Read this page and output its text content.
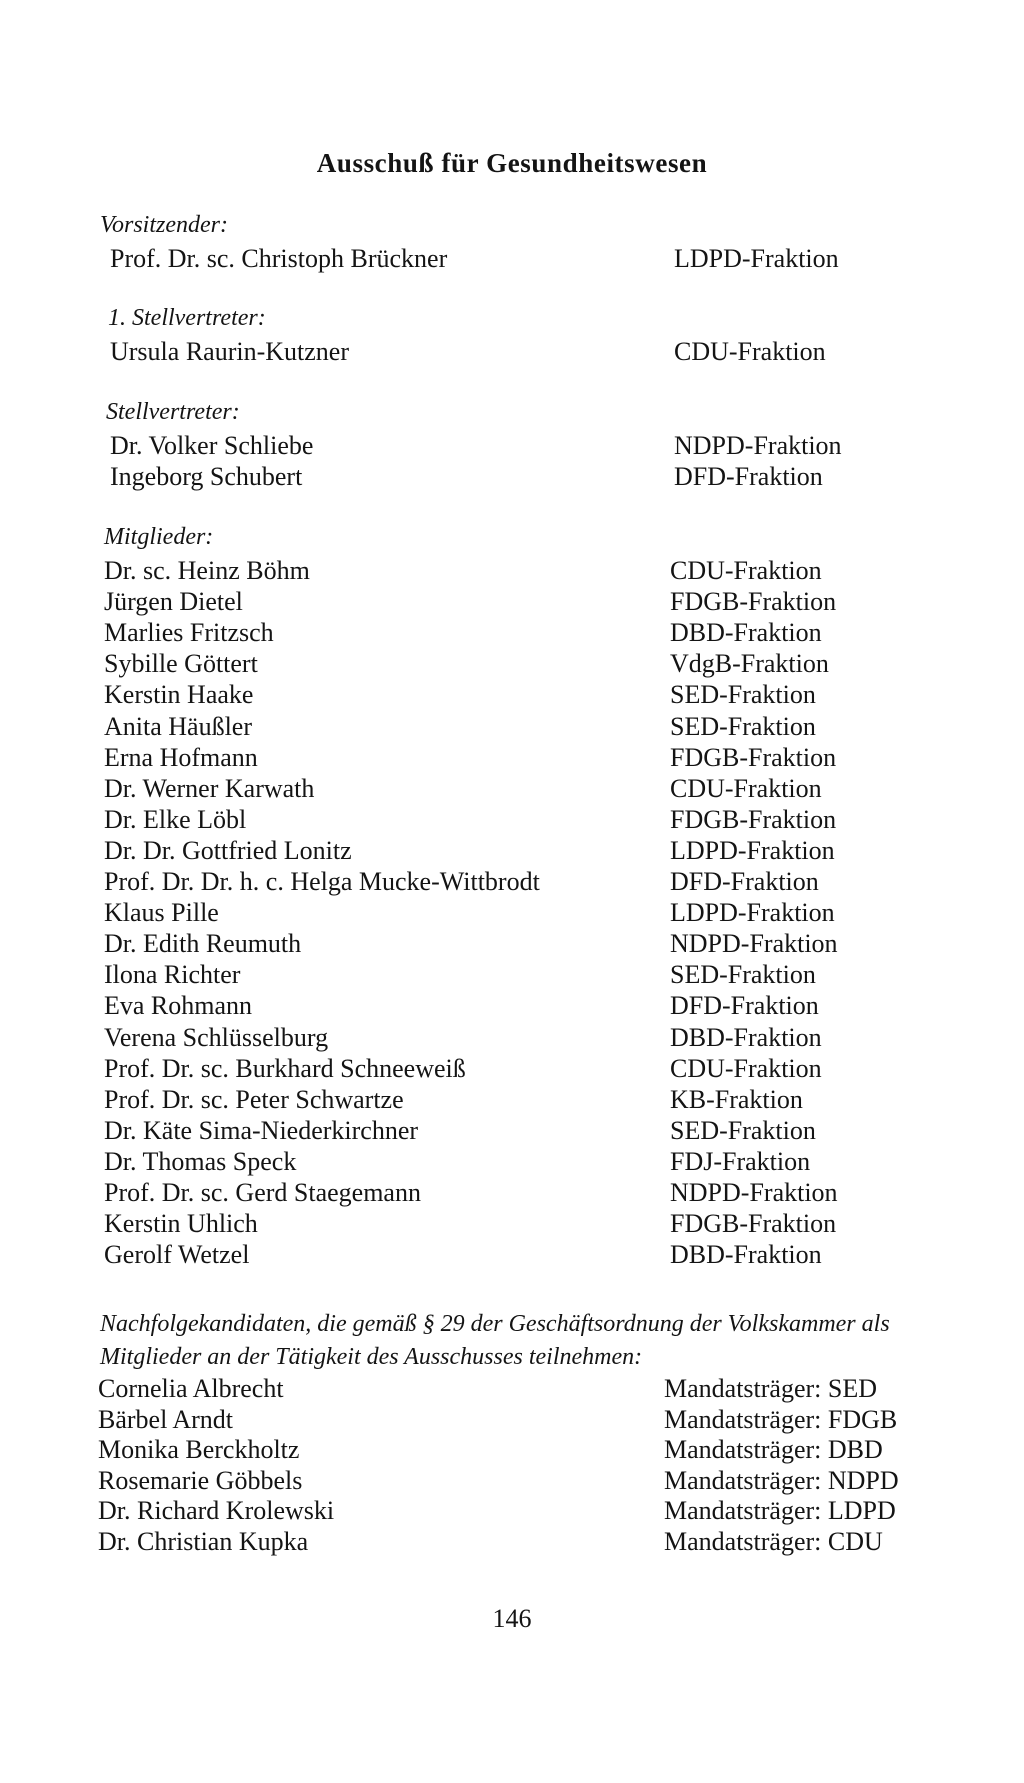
Ausschuß für Gesundheitswesen
Vorsitzender:
Prof. Dr. sc. Christoph Brückner	LDPD-Fraktion
1. Stellvertreter:
Ursula Raurin-Kutzner	CDU-Fraktion
Stellvertreter:
Dr. Volker Schliebe	NDPD-Fraktion
Ingeborg Schubert	DFD-Fraktion
Mitglieder:
Dr. sc. Heinz Böhm	CDU-Fraktion
Jürgen Dietel	FDGB-Fraktion
Marlies Fritzsch	DBD-Fraktion
Sybille Göttert	VdgB-Fraktion
Kerstin Haake	SED-Fraktion
Anita Häußler	SED-Fraktion
Erna Hofmann	FDGB-Fraktion
Dr. Werner Karwath	CDU-Fraktion
Dr. Elke Löbl	FDGB-Fraktion
Dr. Dr. Gottfried Lonitz	LDPD-Fraktion
Prof. Dr. Dr. h. c. Helga Mucke-Wittbrodt	DFD-Fraktion
Klaus Pille	LDPD-Fraktion
Dr. Edith Reumuth	NDPD-Fraktion
Ilona Richter	SED-Fraktion
Eva Rohmann	DFD-Fraktion
Verena Schlüsselburg	DBD-Fraktion
Prof. Dr. sc. Burkhard Schneeweiß	CDU-Fraktion
Prof. Dr. sc. Peter Schwartze	KB-Fraktion
Dr. Käte Sima-Niederkirchner	SED-Fraktion
Dr. Thomas Speck	FDJ-Fraktion
Prof. Dr. sc. Gerd Staegemann	NDPD-Fraktion
Kerstin Uhlich	FDGB-Fraktion
Gerolf Wetzel	DBD-Fraktion
Nachfolgekandidaten, die gemäß § 29 der Geschäftsordnung der Volkskammer als Mitglieder an der Tätigkeit des Ausschusses teilnehmen:
Cornelia Albrecht	Mandatsträger: SED
Bärbel Arndt	Mandatsträger: FDGB
Monika Berckholtz	Mandatsträger: DBD
Rosemarie Göbbels	Mandatsträger: NDPD
Dr. Richard Krolewski	Mandatsträger: LDPD
Dr. Christian Kupka	Mandatsträger: CDU
146
